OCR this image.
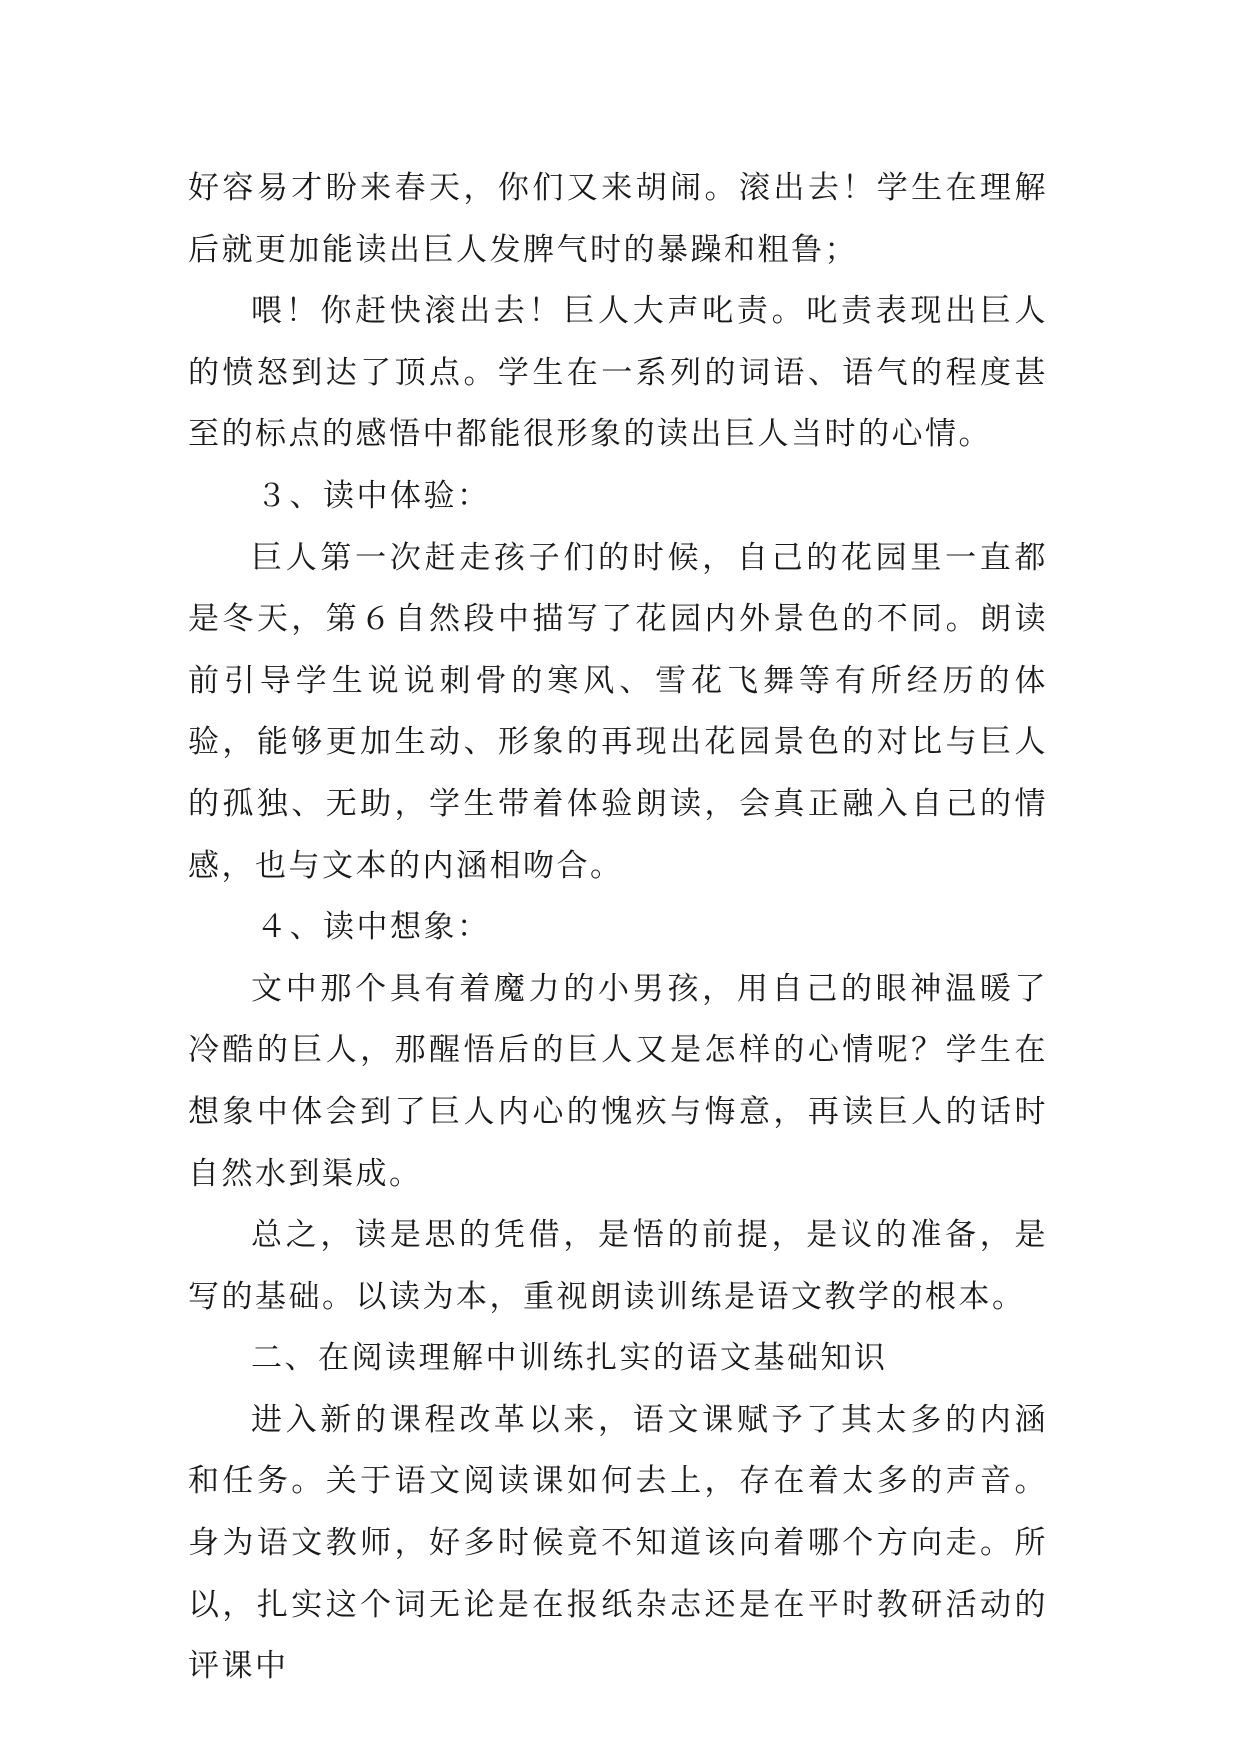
好容易才盼来春天，你们又来胡闹。滚出去！学生在理解后就更加能读出巨人发脾气时的暴躁和粗鲁；

喂！你赶快滚出去！巨人大声叱责。叱责表现出巨人的愤怒到达了顶点。学生在一系列的词语、语气的程度甚至的标点的感悟中都能很形象的读出巨人当时的心情。

３、读中体验：

巨人第一次赶走孩子们的时候，自己的花园里一直都是冬天，第６自然段中描写了花园内外景色的不同。朗读前引导学生说说刺骨的寒风、雪花飞舞等有所经历的体验，能够更加生动、形象的再现出花园景色的对比与巨人的孤独、无助，学生带着体验朗读，会真正融入自己的情感，也与文本的内涵相吻合。

４、读中想象：

文中那个具有着魔力的小男孩，用自己的眼神温暖了冷酷的巨人，那醒悟后的巨人又是怎样的心情呢？学生在想象中体会到了巨人内心的愧疚与悔意，再读巨人的话时自然水到渠成。

总之，读是思的凭借，是悟的前提，是议的准备，是写的基础。以读为本，重视朗读训练是语文教学的根本。

二、在阅读理解中训练扎实的语文基础知识

进入新的课程改革以来，语文课赋予了其太多的内涵和任务。关于语文阅读课如何去上，存在着太多的声音。身为语文教师，好多时候竟不知道该向着哪个方向走。所以，扎实这个词无论是在报纸杂志还是在平时教研活动的评课中
